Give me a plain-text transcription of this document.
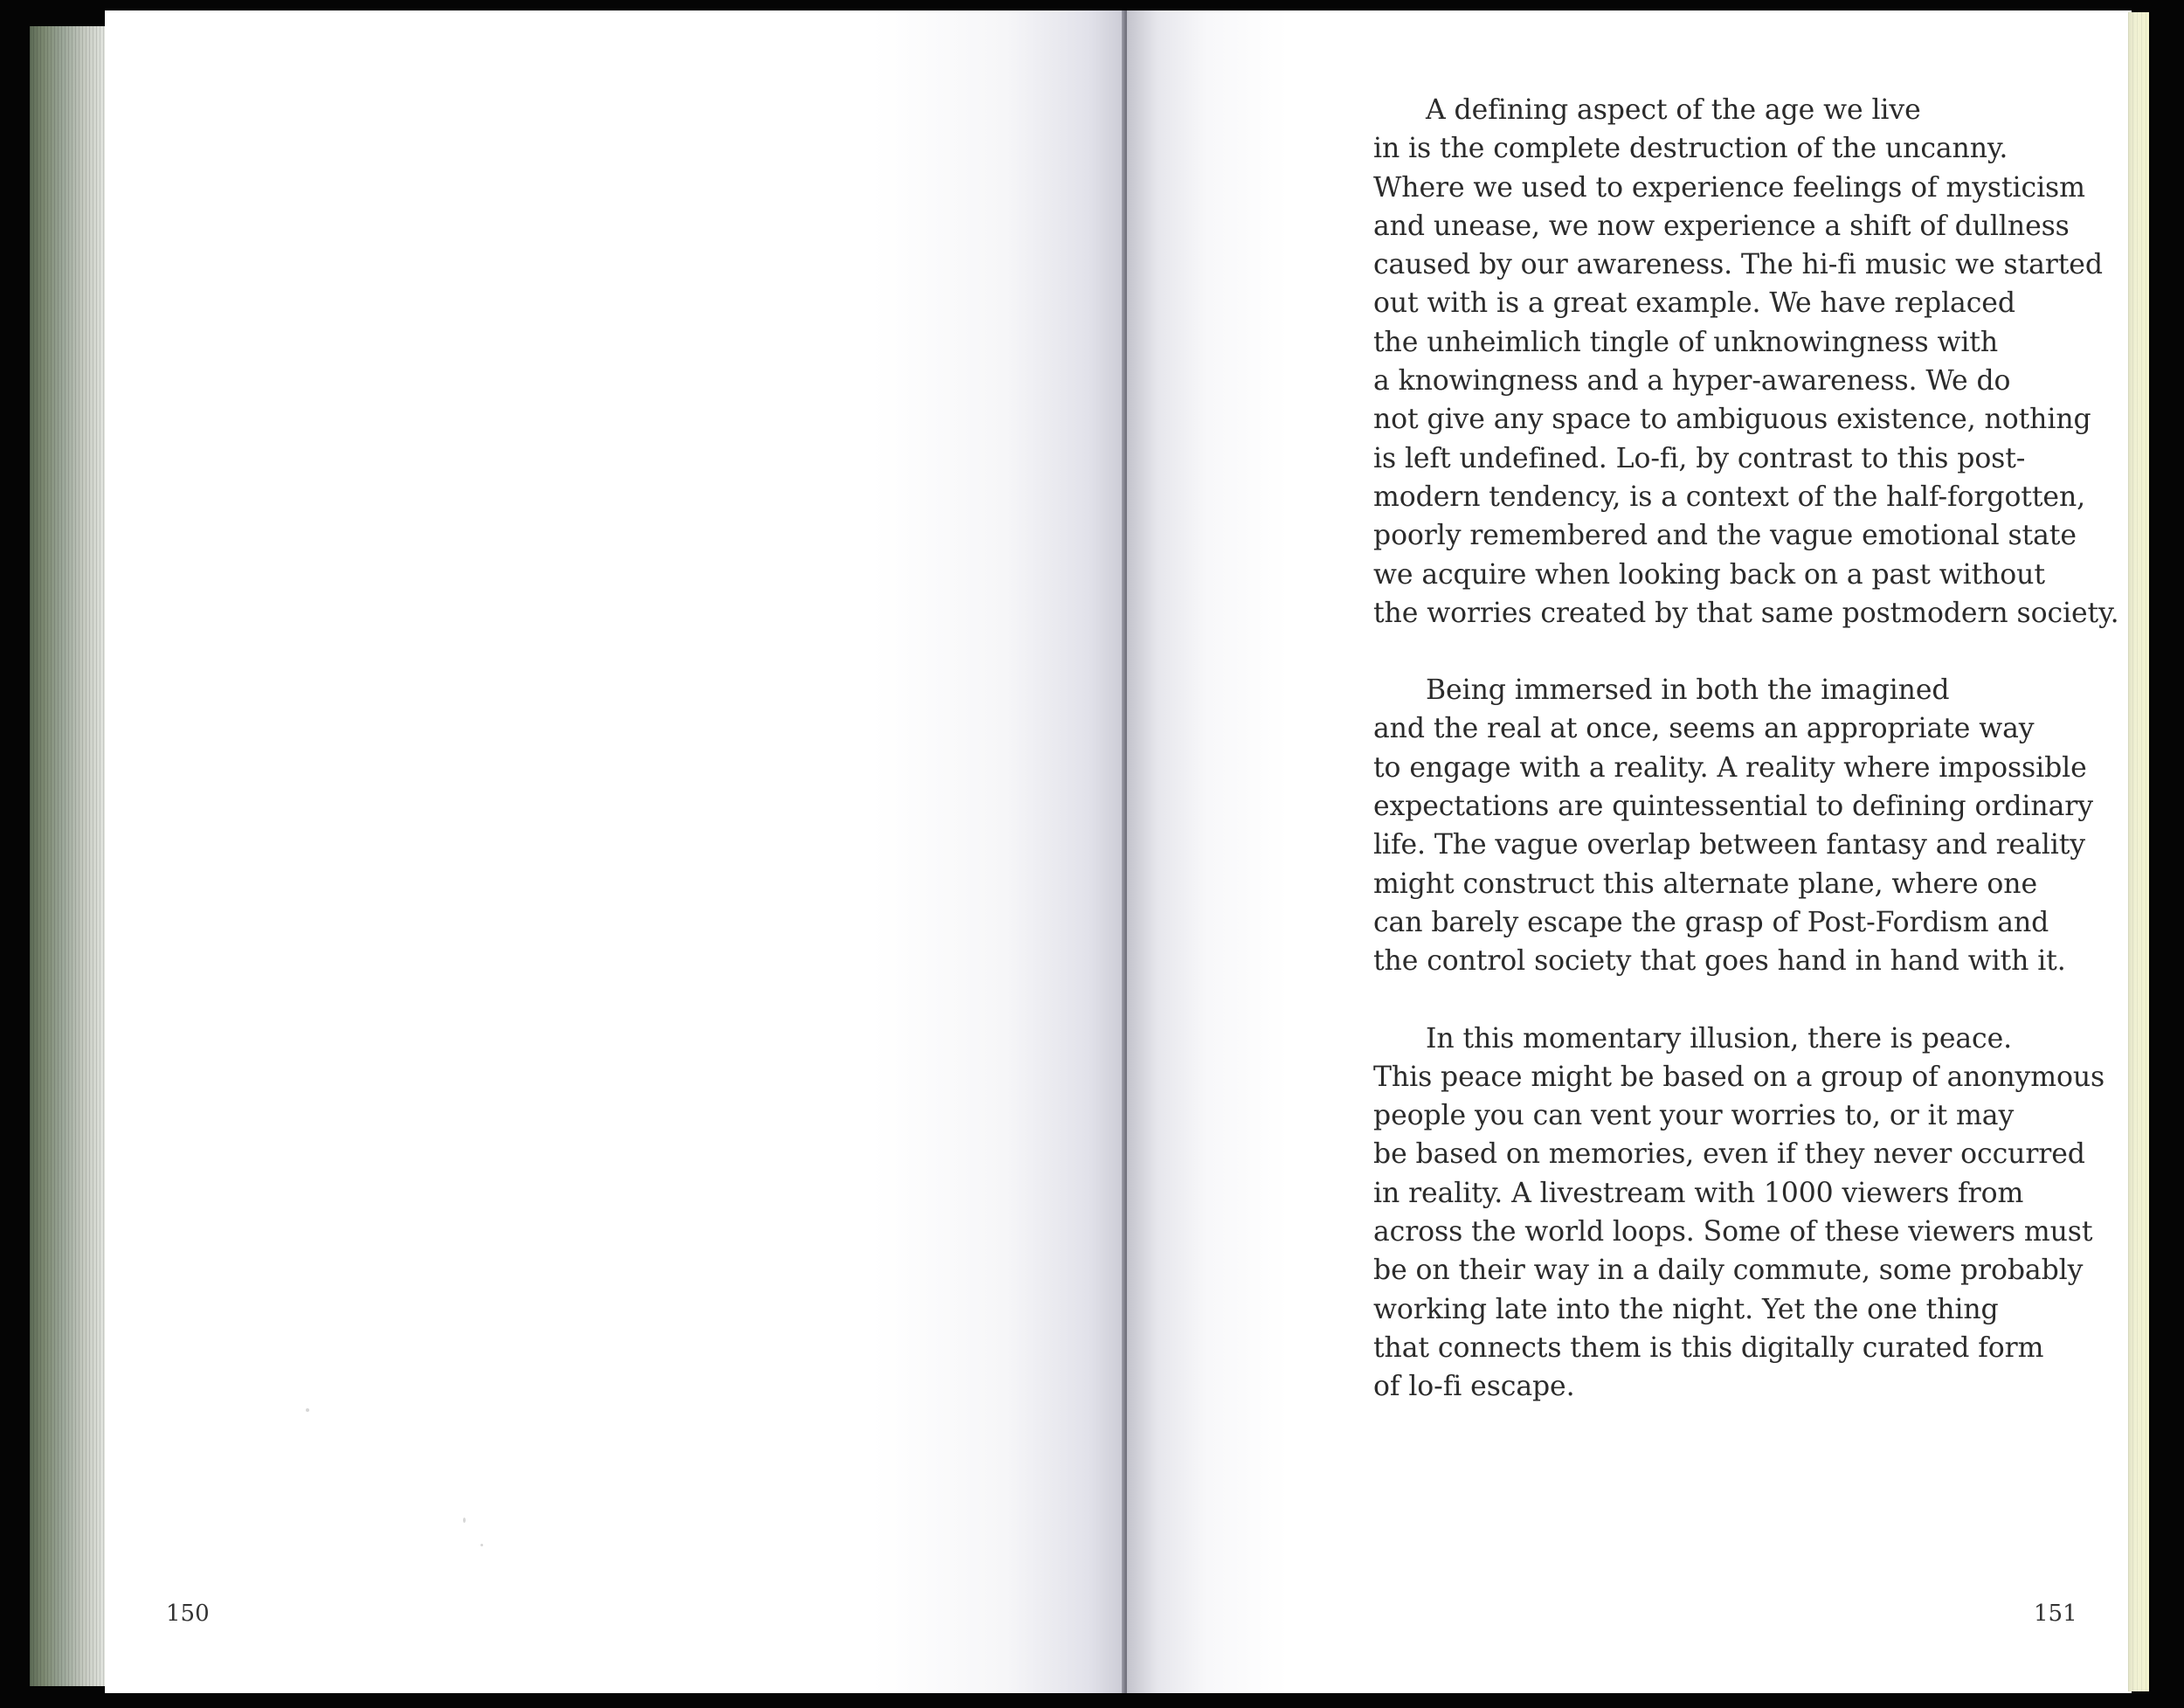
A defining aspect of the age we live
in is the complete destruction of the uncanny.
Where we used to experience feelings of mysticism
and unease, we now experience a shift of dullness
caused by our awareness. The hi-fi music we started
out with is a great example. We have replaced
the unheimlich tingle of unknowingness with
a knowingness and a hyper-awareness. We do
not give any space to ambiguous existence, nothing
is left undefined. Lo-fi, by contrast to this post-
modern tendency, is a context of the half-forgotten,
poorly remembered and the vague emotional state
we acquire when looking back on a past without
the worries created by that same postmodern society.
Being immersed in both the imagined
and the real at once, seems an appropriate way
to engage with a reality. A reality where impossible
expectations are quintessential to defining ordinary
life. The vague overlap between fantasy and reality
might construct this alternate plane, where one
can barely escape the grasp of Post-Fordism and
the control society that goes hand in hand with it.
In this momentary illusion, there is peace.
This peace might be based on a group of anonymous
people you can vent your worries to, or it may
be based on memories, even if they never occurred
in reality. A livestream with 1000 viewers from
across the world loops. Some of these viewers must
be on their way in a daily commute, some probably
working late into the night. Yet the one thing
that connects them is this digitally curated form
of lo-fi escape.
150	151
